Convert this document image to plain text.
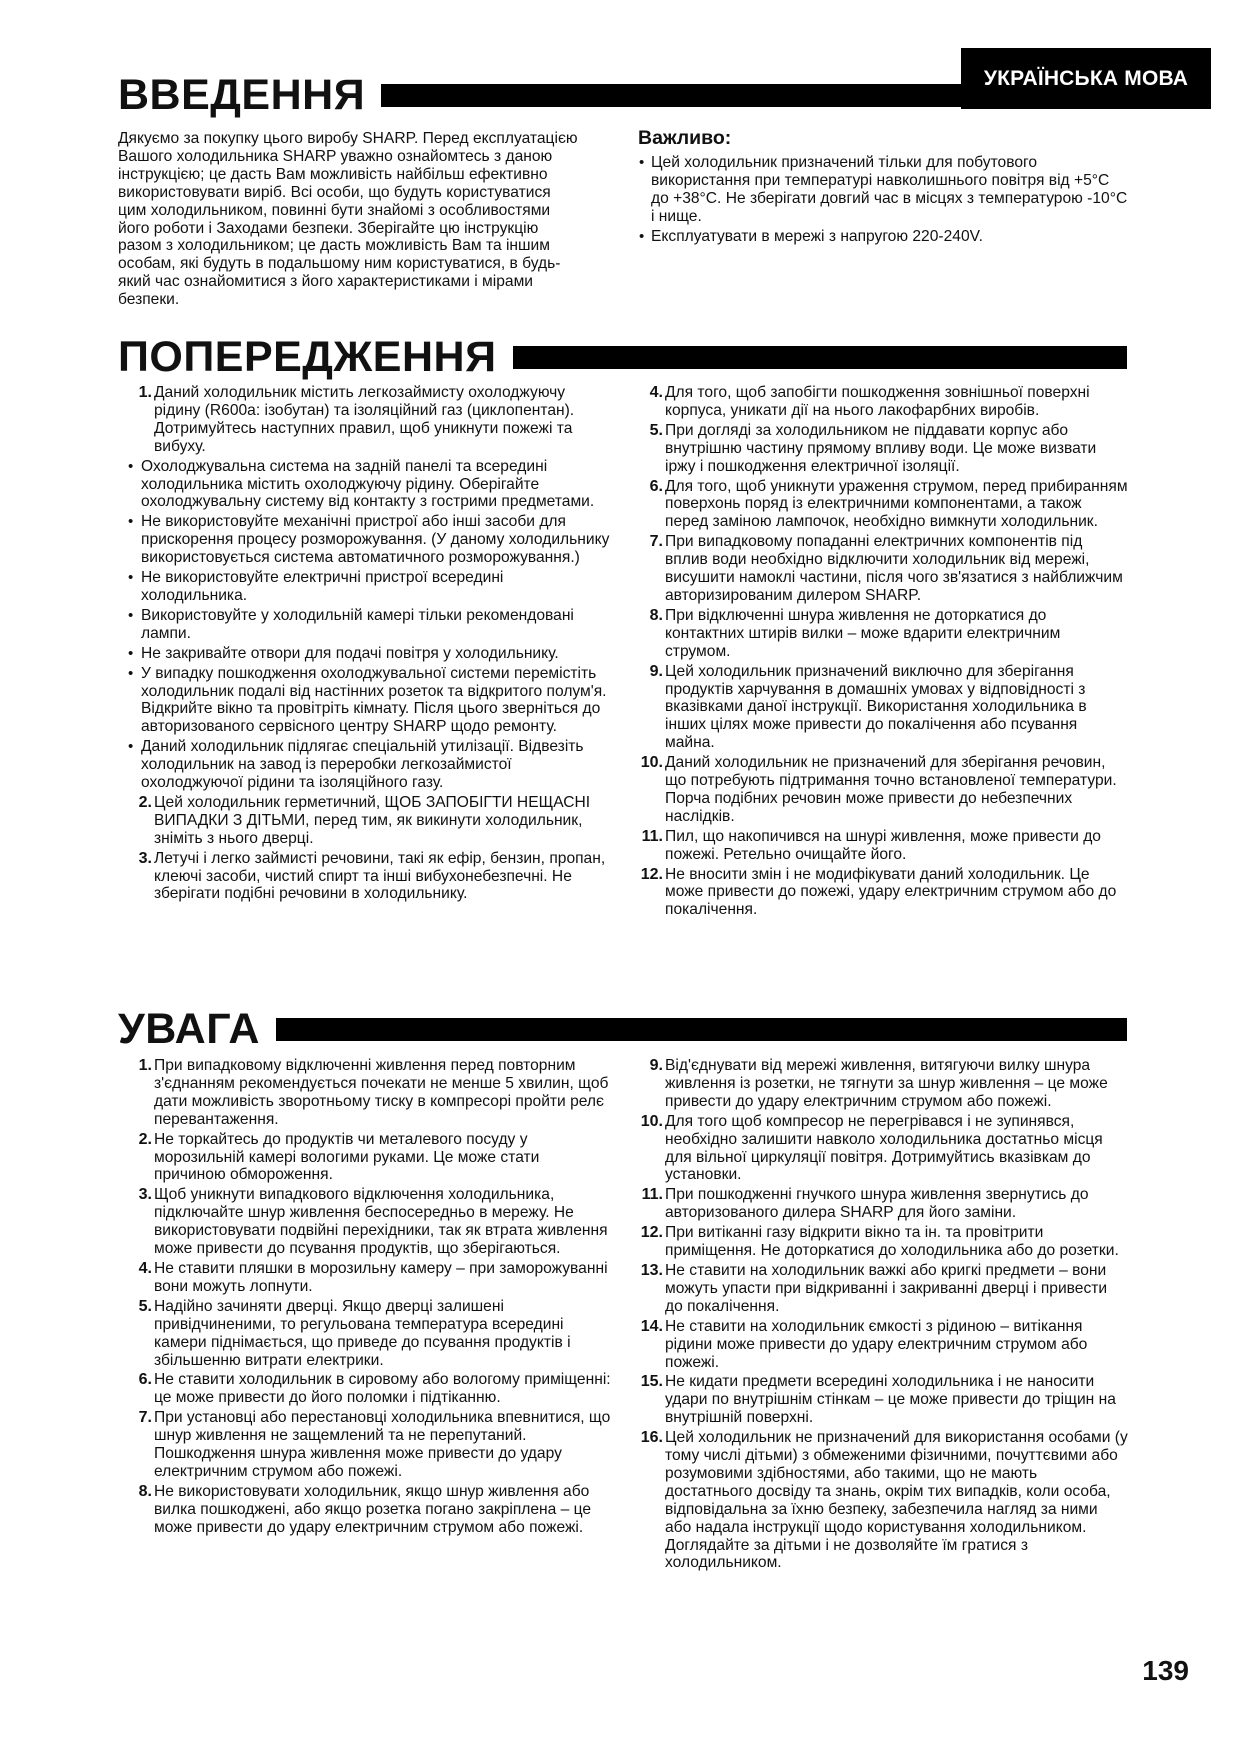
УКРАЇНСЬКА МОВА
ВВЕДЕННЯ

Дякуємо за покупку цього виробу SHARP. Перед експлуатацією Вашого холодильника SHARP уважно ознайомтесь з даною інструкцією; це дасть Вам можливість найбільш ефективно використовувати виріб. Всі особи, що будуть користуватися цим холодильником, повинні бути знайомі з особливостями його роботи і Заходами безпеки. Зберігайте цю інструкцію разом з холодильником; це дасть можливість Вам та іншим особам, які будуть в подальшому ним користуватися, в будь-який час ознайомитися з його характеристиками і мірами безпеки.

Важливо:

• Цей холодильник призначений тільки для побутового використання при температурі навколишнього повітря від +5°C до +38°C. Не зберігати довгий час в місцях з температурою -10°C і нище.
• Експлуатувати в мережі з напругою 220-240V.
ПОПЕРЕДЖЕННЯ
1. Даний холодильник містить легкозаймисту охолоджуючу рідину (R600a: ізобутан) та ізоляційний газ (циклопентан). Дотримуйтесь наступних правил, щоб уникнути пожежі та вибуху.
• Охолоджувальна система на задній панелі та всередині холодильника містить охолоджуючу рідину. Оберігайте охолоджувальну систему від контакту з гострими предметами.
• Не використовуйте механічні пристрої або інші засоби для прискорення процесу розморожування. (У даному холодильнику використовується система автоматичного розморожування.)
• Не використовуйте електричні пристрої всередині холодильника.
• Використовуйте у холодильній камері тільки рекомендовані лампи.
• Не закривайте отвори для подачі повітря у холодильнику.
• У випадку пошкодження охолоджувальної системи перемістіть холодильник подалі від настінних розеток та відкритого полум'я. Відкрийте вікно та провітріть кімнату. Після цього зверніться до авторизованого сервісного центру SHARP щодо ремонту.
• Даний холодильник підлягає спеціальній утилізації. Відвезіть холодильник на завод із переробки легкозаймистої охолоджуючої рідини та ізоляційного газу.
2. Цей холодильник герметичний, ЩОБ ЗАПОБІГТИ НЕЩАСНІ ВИПАДКИ З ДІТЬМИ, перед тим, як викинути холодильник, зніміть з нього дверці.
3. Летучі і легко займисті речовини, такі як ефір, бензин, пропан, клеючі засоби, чистий спирт та інші вибухонебезпечні. Не зберігати подібні речовини в холодильнику.
4. Для того, щоб запобігти пошкодження зовнішньої поверхні корпуса, уникати дії на нього лакофарбних виробів.
5. При догляді за холодильником не піддавати корпус або внутрішню частину прямому впливу води. Це може визвати іржу і пошкодження електричної ізоляції.
6. Для того, щоб уникнути ураження струмом, перед прибиранням поверхонь поряд із електричними компонентами, а також перед заміною лампочок, необхідно вимкнути холодильник.
7. При випадковому попаданні електричних компонентів під вплив води необхідно відключити холодильник від мережі, висушити намоклі частини, після чого зв'язатися з найближчим авторизированим дилером SHARP.
8. При відключенні шнура живлення не доторкатися до контактних штирів вилки – може вдарити електричним струмом.
9. Цей холодильник призначений виключно для зберігання продуктів харчування в домашніх умовах у відповідності з вказівками даної інструкції. Використання холодильника в інших цілях може привести до покалічення або псування майна.
10. Даний холодильник не призначений для зберігання речовин, що потребують підтримання точно встановленої температури. Порча подібних речовин може привести до небезпечних наслідків.
11. Пил, що накопичився на шнурі живлення, може привести до пожежі. Ретельно очищайте його.
12. Не вносити змін і не модифікувати даний холодильник. Це може привести до пожежі, удару електричним струмом або до покалічення.
УВАГА
1. При випадковому відключенні живлення перед повторним з'єднанням рекомендується почекати не менше 5 хвилин, щоб дати можливість зворотньому тиску в компресорі пройти релє перевантаження.
2. Не торкайтесь до продуктів чи металевого посуду у морозильній камері вологими руками. Це може стати причиною обмороження.
3. Щоб уникнути випадкового відключення холодильника, підключайте шнур живлення беспосередньо в мережу. Не використовувати подвійні перехідники, так як втрата живлення може привести до псування продуктів, що зберігаються.
4. Не ставити пляшки в морозильну камеру – при заморожуванні вони можуть лопнути.
5. Надійно зачиняти дверці. Якщо дверці залишені привідчиненими, то регульована температура всередині камери піднімається, що приведе до псування продуктів і збільшенню витрати електрики.
6. Не ставити холодильник в сировому або вологому приміщенні: це може привести до його поломки і підтіканню.
7. При установці або перестановці холодильника впевнитися, що шнур живлення не защемлений та не перепутаний. Пошкодження шнура живлення може привести до удару електричним струмом або пожежі.
8. Не використовувати холодильник, якщо шнур живлення або вилка пошкоджені, або якщо розетка погано закріплена – це може привести до удару електричним струмом або пожежі.
9. Від'єднувати від мережі живлення, витягуючи вилку шнура живлення із розетки, не тягнути за шнур живлення – це може привести до удару електричним струмом або пожежі.
10. Для того щоб компресор не перегрівався і не зупинявся, необхідно залишити навколо холодильника достатньо місця для вільної циркуляції повітря. Дотримуйтись вказівкам до установки.
11. При пошкодженні гнучкого шнура живлення звернутись до авторизованого дилера SHARP для його заміни.
12. При витіканні газу відкрити вікно та ін. та провітрити приміщення. Не доторкатися до холодильника або до розетки.
13. Не ставити на холодильник важкі або кригкі предмети – вони можуть упасти при відкриванні і закриванні дверці і привести до покалічення.
14. Не ставити на холодильник ємкості з рідиною – витікання рідини може привести до удару електричним струмом або пожежі.
15. Не кидати предмети всередині холодильника і не наносити удари по внутрішнім стінкам – це може привести до тріщин на внутрішній поверхні.
16. Цей холодильник не призначений для використання особами (у тому числі дітьми) з обмеженими фізичними, почуттєвими або розумовими здібностями, або такими, що не мають достатнього досвіду та знань, окрім тих випадків, коли особа, відповідальна за їхню безпеку, забезпечила нагляд за ними або надала інструкції щодо користування холодильником. Доглядайте за дітьми і не дозволяйте їм гратися з холодильником.
139
